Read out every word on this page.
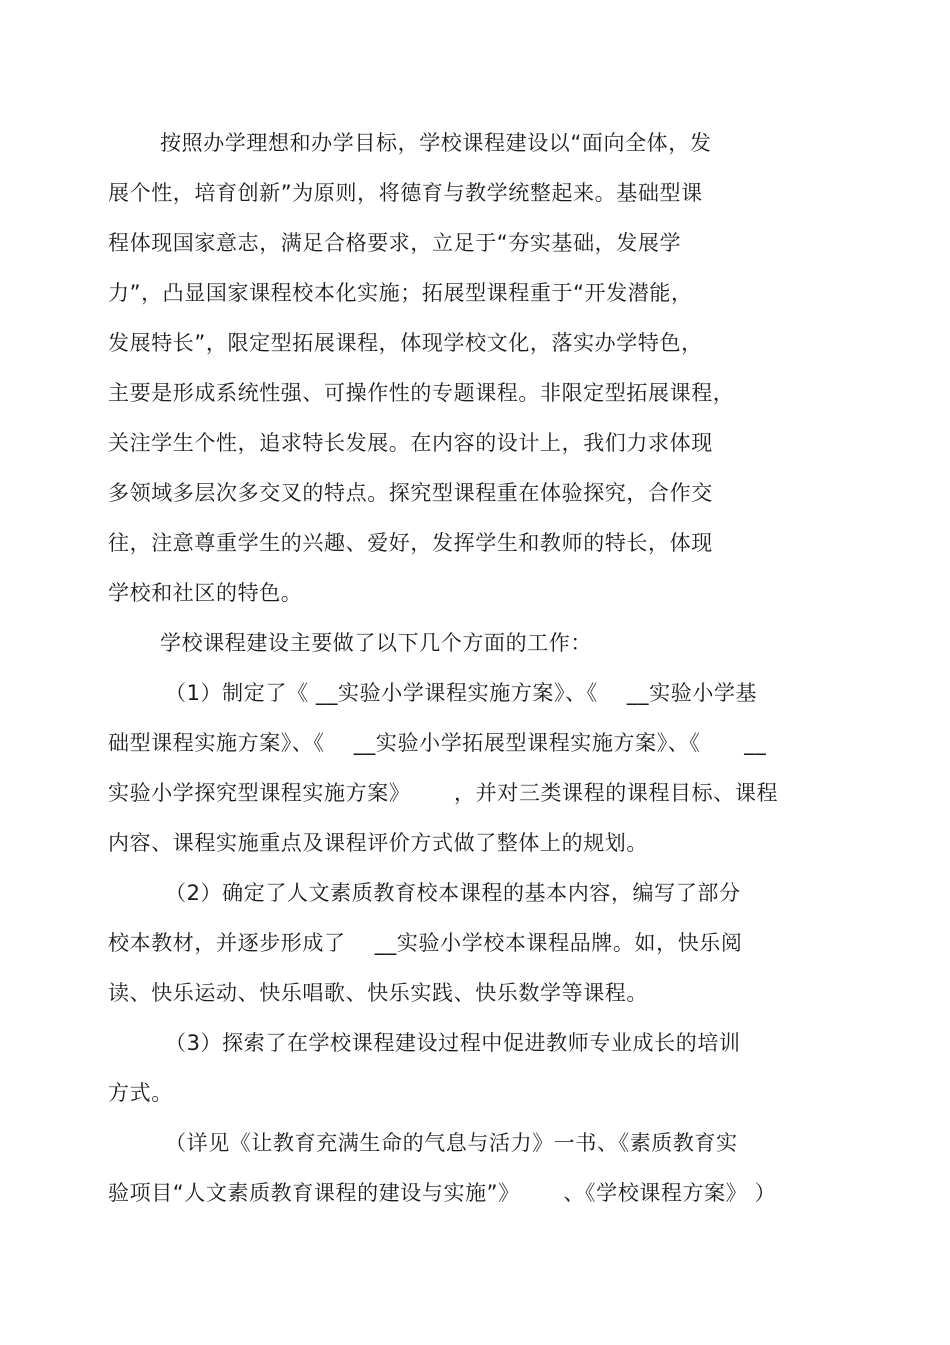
按照办学理想和办学目标，学校课程建设以“面向全体，发
展个性，培育创新”为原则，将德育与教学统整起来。基础型课
程体现国家意志，满足合格要求，立足于“夯实基础，发展学
力”，凸显国家课程校本化实施；拓展型课程重于“开发潜能，
发展特长”，限定型拓展课程，体现学校文化，落实办学特色，
主要是形成系统性强、可操作性的专题课程。非限定型拓展课程，
关注学生个性，追求特长发展。在内容的设计上，我们力求体现
多领域多层次多交叉的特点。探究型课程重在体验探究，合作交
往，注意尊重学生的兴趣、爱好，发挥学生和教师的特长，体现
学校和社区的特色。
学校课程建设主要做了以下几个方面的工作：
（1）制定了《 __实验小学课程实施方案》、《    __实验小学基
础型课程实施方案》、《    __实验小学拓展型课程实施方案》、《      __
实验小学探究型课程实施方案》      ，并对三类课程的课程目标、课程
内容、课程实施重点及课程评价方式做了整体上的规划。
（2）确定了人文素质教育校本课程的基本内容，编写了部分
校本教材，并逐步形成了    __实验小学校本课程品牌。如，快乐阅
读、快乐运动、快乐唱歌、快乐实践、快乐数学等课程。
（3）探索了在学校课程建设过程中促进教师专业成长的培训
方式。
（详见《让教育充满生命的气息与活力》一书、《素质教育实
验项目“人文素质教育课程的建设与实施”》      、《学校课程方案》 ）
